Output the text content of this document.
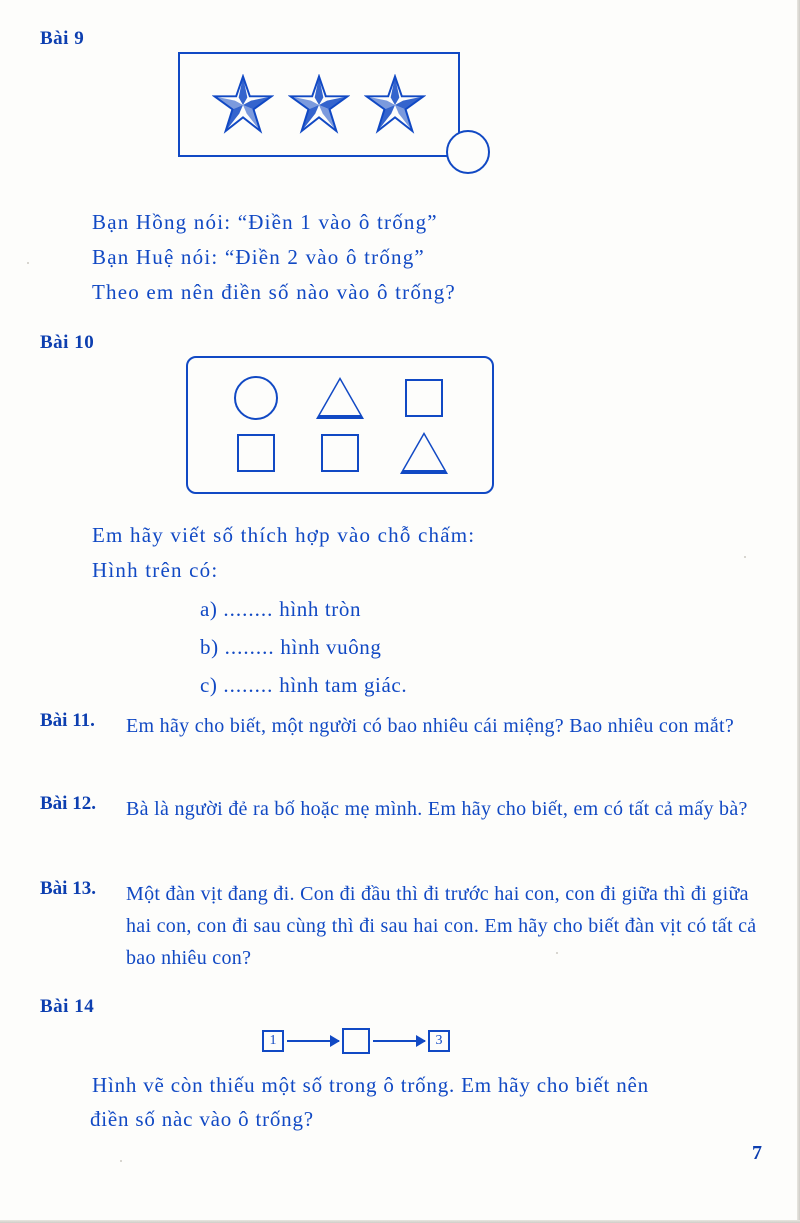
Bài 9
Bạn Hồng nói: “Điền 1 vào ô trống”
Bạn Huệ nói: “Điền 2 vào ô trống”
Theo em nên điền số nào vào ô trống?
Bài 10
Em hãy viết số thích hợp vào chỗ chấm:
Hình trên có:
a) ........ hình tròn
b) ........ hình vuông
c) ........ hình tam giác.
Bài 11. Em hãy cho biết, một người có bao nhiêu cái miệng? Bao nhiêu con mắt?
Bài 12. Bà là người đẻ ra bố hoặc mẹ mình. Em hãy cho biết, em có tất cả mấy bà?
Bài 13. Một đàn vịt đang đi. Con đi đầu thì đi trước hai con, con đi giữa thì đi giữa hai con, con đi sau cùng thì đi sau hai con. Em hãy cho biết đàn vịt có tất cả bao nhiêu con?
Bài 14
1	3
Hình vẽ còn thiếu một số trong ô trống. Em hãy cho biết nên
điền số nàc vào ô trống?
7
